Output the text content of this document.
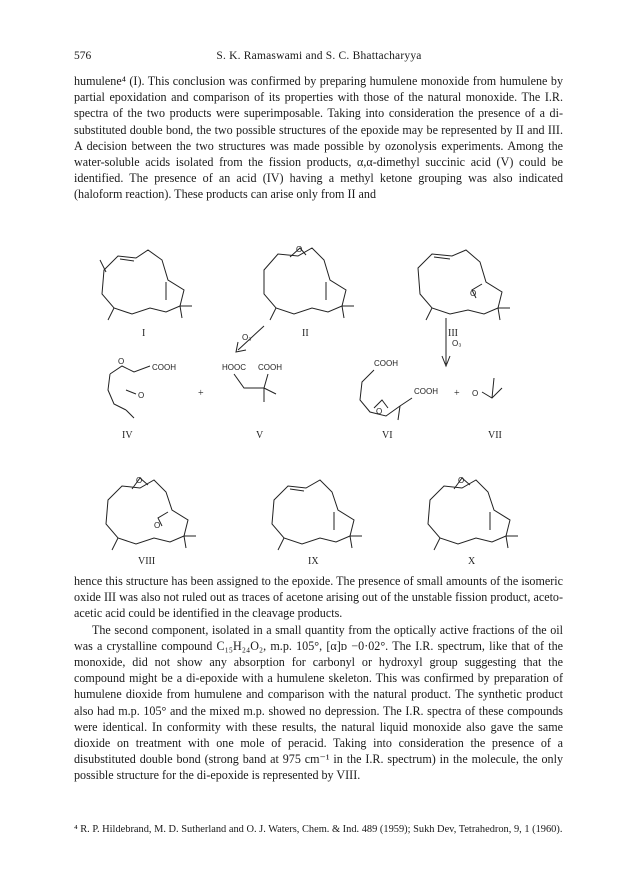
576	S. K. Ramaswami and S. C. Bhattacharyya

humulene⁴ (I). This conclusion was confirmed by preparing humulene monoxide from humulene by partial epoxidation and comparison of its properties with those of the natural monoxide. The I.R. spectra of the two products were superimposable. Taking into consideration the presence of a di-substituted double bond, the two possible structures of the epoxide may be represented by II and III. A decision between the two structures was made possible by ozonolysis experiments. Among the water-soluble acids isolated from the fission products, α,α-dimethyl succinic acid (V) could be identified. The presence of an acid (IV) having a methyl ketone grouping was also indicated (haloform reaction). These products can arise only from II and

I
O
II
O
III
O₃
O₃
O
O
COOH
IV
+
HOOC COOH
V
COOH
O
COOH
VI
+ O
VII
O
O
VIII	IX
O
X

hence this structure has been assigned to the epoxide. The presence of small amounts of the isomeric oxide III was also not ruled out as traces of acetone arising out of the unstable fission product, aceto-acetic acid could be identified in the cleavage products.

The second component, isolated in a small quantity from the optically active fractions of the oil was a crystalline compound C₁₅H₂₄O₂, m.p. 105°, [α]ᴅ −0·02°. The I.R. spectrum, like that of the monoxide, did not show any absorption for carbonyl or hydroxyl group suggesting that the compound might be a di-epoxide with a humulene skeleton. This was confirmed by preparation of humulene dioxide from humulene and comparison with the natural product. The synthetic product also had m.p. 105° and the mixed m.p. showed no depression. The I.R. spectra of these compounds were identical. In conformity with these results, the natural liquid monoxide also gave the same dioxide on treatment with one mole of peracid. Taking into consideration the presence of a disubstituted double bond (strong band at 975 cm⁻¹ in the I.R. spectrum) in the molecule, the only possible structure for the di-epoxide is represented by VIII.

⁴ R. P. Hildebrand, M. D. Sutherland and O. J. Waters, Chem. & Ind. 489 (1959); Sukh Dev, Tetrahedron, 9, 1 (1960).
